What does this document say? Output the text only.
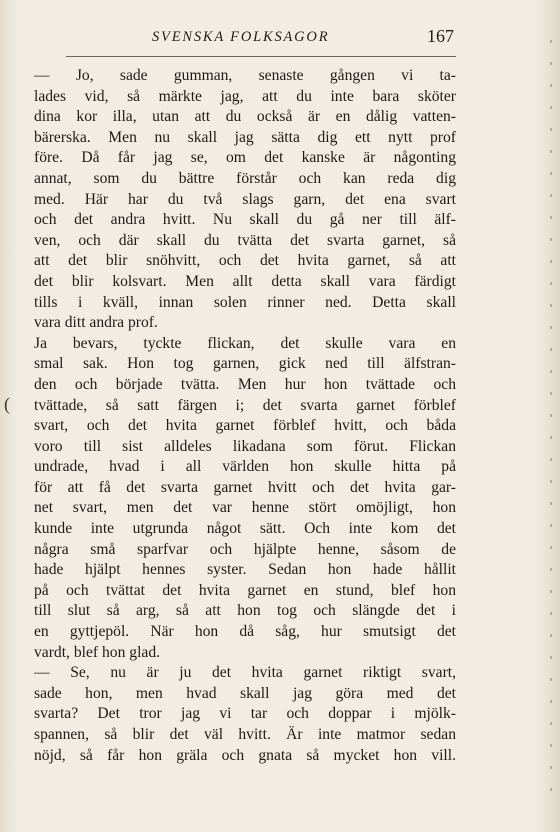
(
SVENSKA FOLKSAGOR	167
— Jo, sade gumman, senaste gången vi ta-
lades vid, så märkte jag, att du inte bara sköter
dina kor illa, utan att du också är en dålig vatten-
bärerska. Men nu skall jag sätta dig ett nytt prof
före. Då får jag se, om det kanske är någonting
annat, som du bättre förstår och kan reda dig
med. Här har du två slags garn, det ena svart
och det andra hvitt. Nu skall du gå ner till älf-
ven, och där skall du tvätta det svarta garnet, så
att det blir snöhvitt, och det hvita garnet, så att
det blir kolsvart. Men allt detta skall vara färdigt
tills i kväll, innan solen rinner ned. Detta skall
vara ditt andra prof.
Ja bevars, tyckte flickan, det skulle vara en
smal sak. Hon tog garnen, gick ned till älfstran-
den och började tvätta. Men hur hon tvättade och
tvättade, så satt färgen i; det svarta garnet förblef
svart, och det hvita garnet förblef hvitt, och båda
voro till sist alldeles likadana som förut. Flickan
undrade, hvad i all världen hon skulle hitta på
för att få det svarta garnet hvitt och det hvita gar-
net svart, men det var henne stört omöjligt, hon
kunde inte utgrunda något sätt. Och inte kom det
några små sparfvar och hjälpte henne, såsom de
hade hjälpt hennes syster. Sedan hon hade hållit
på och tvättat det hvita garnet en stund, blef hon
till slut så arg, så att hon tog och slängde det i
en gyttjepöl. När hon då såg, hur smutsigt det
vardt, blef hon glad.
— Se, nu är ju det hvita garnet riktigt svart,
sade hon, men hvad skall jag göra med det
svarta? Det tror jag vi tar och doppar i mjölk-
spannen, så blir det väl hvitt. Är inte matmor sedan
nöjd, så får hon gräla och gnata så mycket hon vill.
